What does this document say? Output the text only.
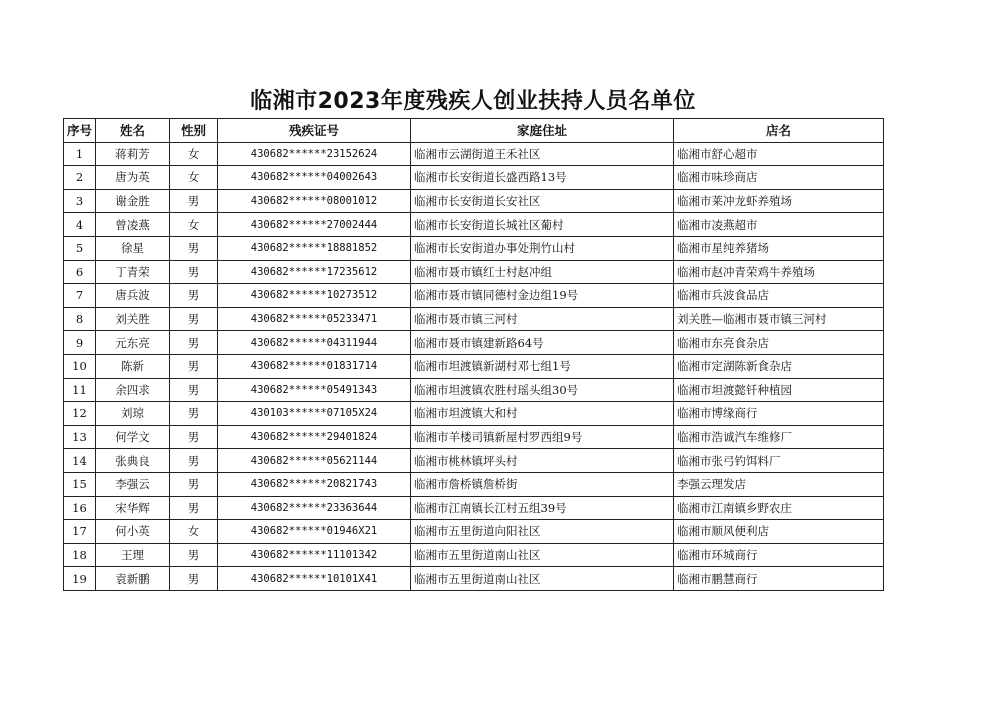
临湘市2023年度残疾人创业扶持人员名单位
序号	姓名	性别	残疾证号	家庭住址	店名
1	蒋莉芳	女	430682******23152624	临湘市云湖街道王禾社区	临湘市舒心超市
2	唐为英	女	430682******04002643	临湘市长安街道长盛西路13号	临湘市味珍商店
3	谢金胜	男	430682******08001012	临湘市长安街道长安社区	临湘市莱冲龙虾养殖场
4	曾凌燕	女	430682******27002444	临湘市长安街道长城社区葡村	临湘市凌燕超市
5	徐星	男	430682******18881852	临湘市长安街道办事处荆竹山村	临湘市星纯养猪场
6	丁青荣	男	430682******17235612	临湘市聂市镇红士村赵冲组	临湘市赵冲青荣鸡牛养殖场
7	唐兵波	男	430682******10273512	临湘市聂市镇同德村金边组19号	临湘市兵波食品店
8	刘关胜	男	430682******05233471	临湘市聂市镇三河村	刘关胜—临湘市聂市镇三河村
9	元东亮	男	430682******04311944	临湘市聂市镇建新路64号	临湘市东亮食杂店
10	陈新	男	430682******01831714	临湘市坦渡镇新湖村邓七组1号	临湘市定湖陈新食杂店
11	余四求	男	430682******05491343	临湘市坦渡镇农胜村瑶头组30号	临湘市坦渡懿钎种植园
12	刘琼	男	430103******07105X24	临湘市坦渡镇大和村	临湘市博缘商行
13	何学文	男	430682******29401824	临湘市羊楼司镇新屋村罗西组9号	临湘市浩诚汽车维修厂
14	张典良	男	430682******05621144	临湘市桃林镇坪头村	临湘市张弓钓饵料厂
15	李强云	男	430682******20821743	临湘市詹桥镇詹桥街	李强云理发店
16	宋华辉	男	430682******23363644	临湘市江南镇长江村五组39号	临湘市江南镇乡野农庄
17	何小英	女	430682******01946X21	临湘市五里街道向阳社区	临湘市顺风便利店
18	王理	男	430682******11101342	临湘市五里街道南山社区	临湘市环城商行
19	袁新鹏	男	430682******10101X41	临湘市五里街道南山社区	临湘市鹏慧商行
